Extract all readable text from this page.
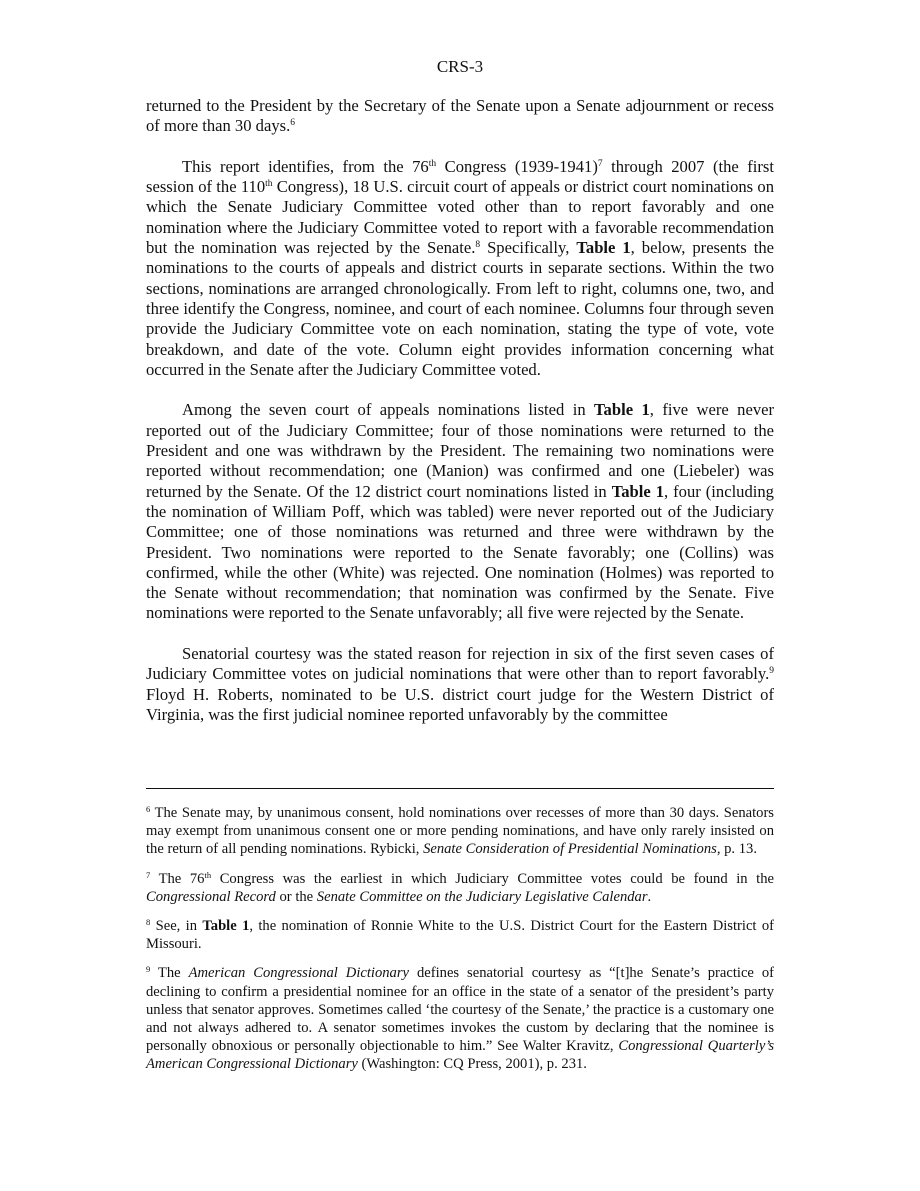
CRS-3

returned to the President by the Secretary of the Senate upon a Senate adjournment or recess of more than 30 days.$^6$

This report identifies, from the 76th Congress (1939-1941)$^7$ through 2007 (the first session of the 110th Congress), 18 U.S. circuit court of appeals or district court nominations on which the Senate Judiciary Committee voted other than to report favorably and one nomination where the Judiciary Committee voted to report with a favorable recommendation but the nomination was rejected by the Senate.$^8$ Specifically, Table 1, below, presents the nominations to the courts of appeals and district courts in separate sections. Within the two sections, nominations are arranged chronologically. From left to right, columns one, two, and three identify the Congress, nominee, and court of each nominee. Columns four through seven provide the Judiciary Committee vote on each nomination, stating the type of vote, vote breakdown, and date of the vote. Column eight provides information concerning what occurred in the Senate after the Judiciary Committee voted.

Among the seven court of appeals nominations listed in Table 1, five were never reported out of the Judiciary Committee; four of those nominations were returned to the President and one was withdrawn by the President. The remaining two nominations were reported without recommendation; one (Manion) was confirmed and one (Liebeler) was returned by the Senate. Of the 12 district court nominations listed in Table 1, four (including the nomination of William Poff, which was tabled) were never reported out of the Judiciary Committee; one of those nominations was returned and three were withdrawn by the President. Two nominations were reported to the Senate favorably; one (Collins) was confirmed, while the other (White) was rejected. One nomination (Holmes) was reported to the Senate without recommendation; that nomination was confirmed by the Senate. Five nominations were reported to the Senate unfavorably; all five were rejected by the Senate.

Senatorial courtesy was the stated reason for rejection in six of the first seven cases of Judiciary Committee votes on judicial nominations that were other than to report favorably.$^9$ Floyd H. Roberts, nominated to be U.S. district court judge for the Western District of Virginia, was the first judicial nominee reported unfavorably by the committee

$^6$ The Senate may, by unanimous consent, hold nominations over recesses of more than 30 days. Senators may exempt from unanimous consent one or more pending nominations, and have only rarely insisted on the return of all pending nominations. Rybicki, Senate Consideration of Presidential Nominations, p. 13.

$^7$ The 76th Congress was the earliest in which Judiciary Committee votes could be found in the Congressional Record or the Senate Committee on the Judiciary Legislative Calendar.

$^8$ See, in Table 1, the nomination of Ronnie White to the U.S. District Court for the Eastern District of Missouri.

$^9$ The American Congressional Dictionary defines senatorial courtesy as “[t]he Senate’s practice of declining to confirm a presidential nominee for an office in the state of a senator of the president’s party unless that senator approves. Sometimes called ‘the courtesy of the Senate,’ the practice is a customary one and not always adhered to. A senator sometimes invokes the custom by declaring that the nominee is personally obnoxious or personally objectionable to him.” See Walter Kravitz, Congressional Quarterly’s American Congressional Dictionary (Washington: CQ Press, 2001), p. 231.
